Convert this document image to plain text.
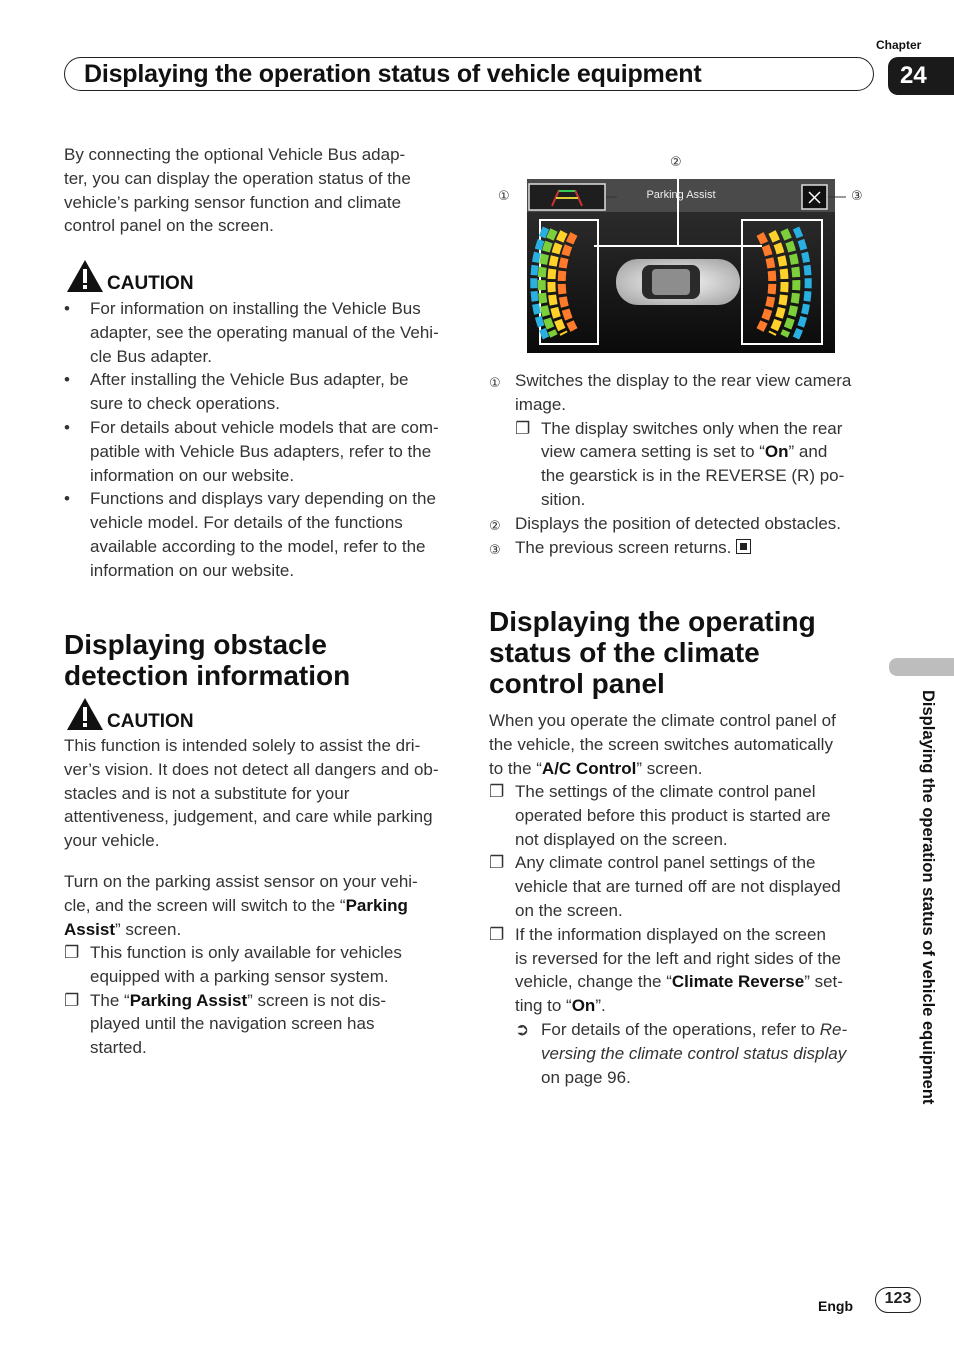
Chapter
24
Displaying the operation status of vehicle equipment
By connecting the optional Vehicle Bus adap-
ter, you can display the operation status of the
vehicle’s parking sensor function and climate
control panel on the screen.
CAUTION
• For information on installing the Vehicle Bus
adapter, see the operating manual of the Vehi-
cle Bus adapter.
• After installing the Vehicle Bus adapter, be
sure to check operations.
• For details about vehicle models that are com-
patible with Vehicle Bus adapters, refer to the
information on our website.
• Functions and displays vary depending on the
vehicle model. For details of the functions
available according to the model, refer to the
information on our website.
Displaying obstacle
detection information
CAUTION
This function is intended solely to assist the dri-
ver’s vision. It does not detect all dangers and ob-
stacles and is not a substitute for your
attentiveness, judgement, and care while parking
your vehicle.
Turn on the parking assist sensor on your vehi-
cle, and the screen will switch to the “Parking Assist” screen.
❐ This function is only available for vehicles
equipped with a parking sensor system.
❐ The “Parking Assist” screen is not dis-
played until the navigation screen has
started.
②
①	③
Parking Assist
① Switches the display to the rear view camera
image.
❐ The display switches only when the rear
view camera setting is set to “On” and
the gearstick is in the REVERSE (R) po-
sition.
② Displays the position of detected obstacles.
③ The previous screen returns.
Displaying the operating
status of the climate
control panel
When you operate the climate control panel of
the vehicle, the screen switches automatically
to the “A/C Control” screen.
❐ The settings of the climate control panel
operated before this product is started are
not displayed on the screen.
❐ Any climate control panel settings of the
vehicle that are turned off are not displayed
on the screen.
❐ If the information displayed on the screen
is reversed for the left and right sides of the
vehicle, change the “Climate Reverse” set-
ting to “On”.
➲ For details of the operations, refer to Re-
versing the climate control status display
on page 96.	Displaying the operation status of vehicle equipment
Engb	123
